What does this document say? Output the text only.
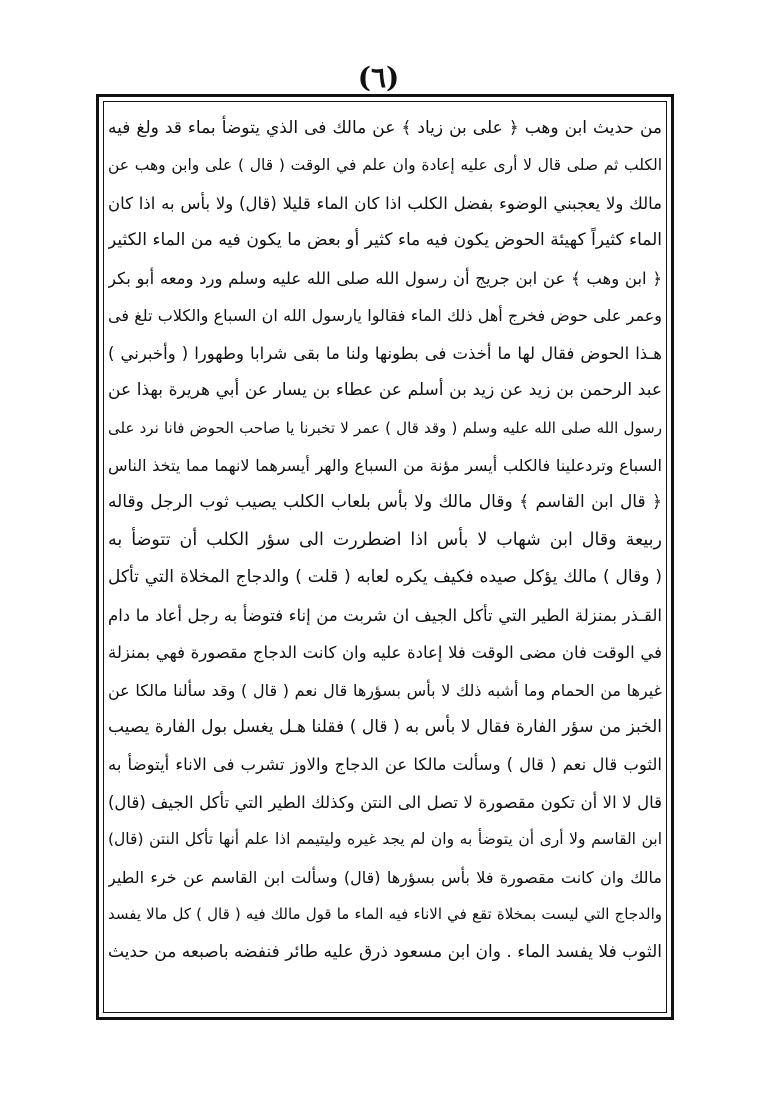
(٦)
من حديث ابن وهب ﴿ على بن زياد ﴾ عن مالك فى الذي يتوضأ بماء قد ولغ فيه
الكلب ثم صلى قال لا أرى عليه إعادة وان علم في الوقت ( قال ) على وابن وهب عن
مالك ولا يعجبني الوضوء بفضل الكلب اذا كان الماء قليلا (قال) ولا بأس به اذا كان
الماء كثيراً كهيئة الحوض يكون فيه ماء كثير أو بعض ما يكون فيه من الماء الكثير
﴿ ابن وهب ﴾ عن ابن جريج أن رسول الله صلى الله عليه وسلم ورد ومعه أبو بكر
وعمر على حوض فخرج أهل ذلك الماء فقالوا يارسول الله ان السباع والكلاب تلغ فى
هـذا الحوض فقال لها ما أخذت فى بطونها ولنا ما بقى شرابا وطهورا ( وأخبرني )
عبد الرحمن بن زيد عن زيد بن أسلم عن عطاء بن يسار عن أبي هريرة بهذا عن
رسول الله صلى الله عليه وسلم ( وقد قال ) عمر لا تخبرنا يا صاحب الحوض فانا نرد على
السباع وتردعلينا فالكلب أيسر مؤنة من السباع والهر أيسرهما لانهما مما يتخذ الناس
﴿ قال ابن القاسم ﴾ وقال مالك ولا بأس بلعاب الكلب يصيب ثوب الرجل وقاله
ربيعة وقال ابن شهاب لا بأس اذا اضطررت الى سؤر الكلب أن تتوضأ به
( وقال ) مالك يؤكل صيده فكيف يكره لعابه ( قلت ) والدجاج المخلاة التي تأكل
القـذر بمنزلة الطير التي تأكل الجيف ان شربت من إناء فتوضأ به رجل أعاد ما دام
في الوقت فان مضى الوقت فلا إعادة عليه وان كانت الدجاج مقصورة فهي بمنزلة
غيرها من الحمام وما أشبه ذلك لا بأس بسؤرها قال نعم ( قال ) وقد سألنا مالكا عن
الخبز من سؤر الفارة فقال لا بأس به ( قال ) فقلنا هـل يغسل بول الفارة يصيب
الثوب قال نعم ( قال ) وسألت مالكا عن الدجاج والاوز تشرب فى الاناء أيتوضأ به
قال لا الا أن تكون مقصورة لا تصل الى النتن وكذلك الطير التي تأكل الجيف (قال)
ابن القاسم ولا أرى أن يتوضأ به وان لم يجد غيره وليتيمم اذا علم أنها تأكل النتن (قال)
مالك وان كانت مقصورة فلا بأس بسؤرها (قال) وسألت ابن القاسم عن خرء الطير
والدجاج التي ليست بمخلاة تقع في الاناء فيه الماء ما قول مالك فيه ( قال ) كل مالا يفسد
الثوب فلا يفسد الماء . وان ابن مسعود ذرق عليه طائر فنفضه باصبعه من حديث
